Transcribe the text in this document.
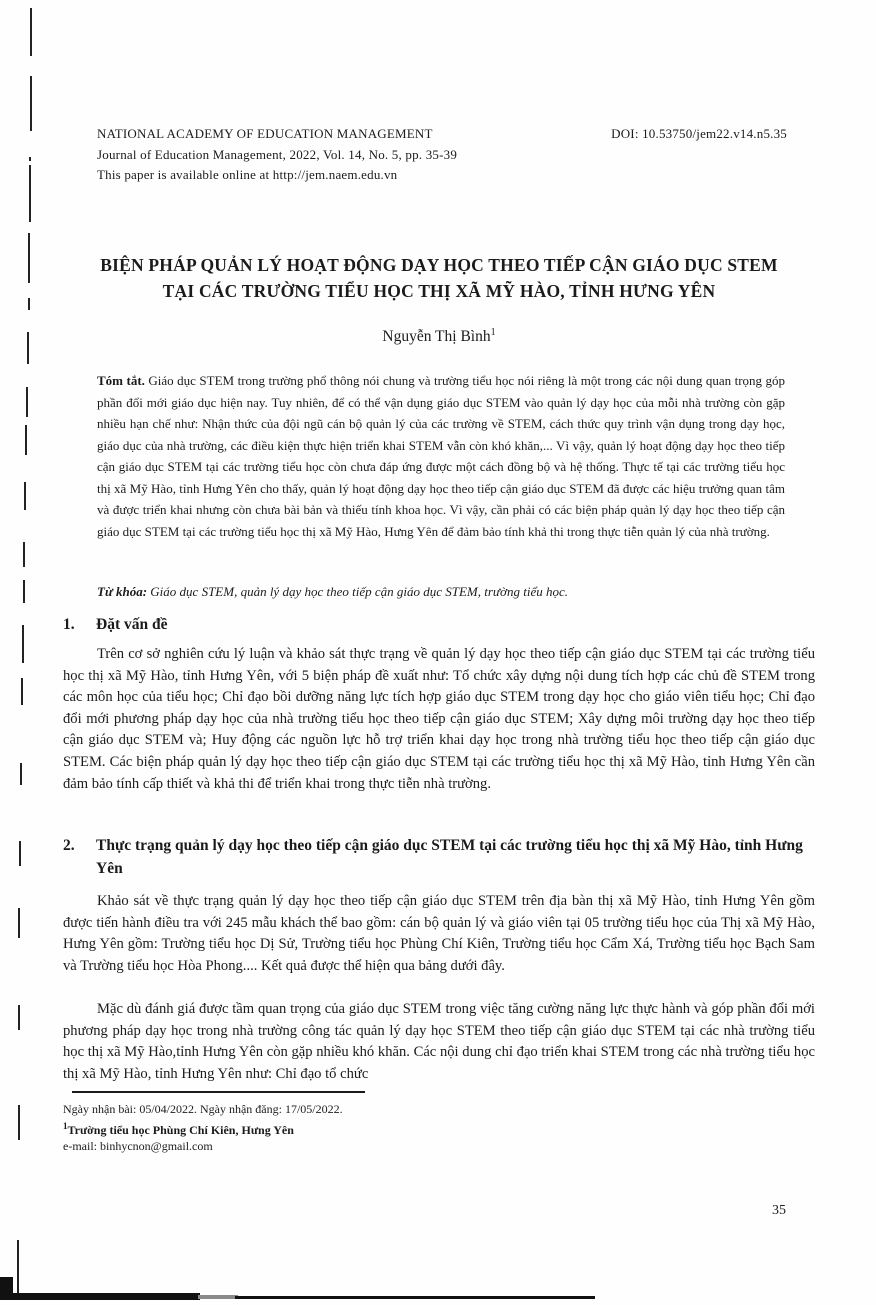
NATIONAL ACADEMY OF EDUCATION MANAGEMENT	DOI: 10.53750/jem22.v14.n5.35
Journal of Education Management, 2022, Vol. 14, No. 5, pp. 35-39
This paper is available online at http://jem.naem.edu.vn
BIỆN PHÁP QUẢN LÝ HOẠT ĐỘNG DẠY HỌC THEO TIẾP CẬN GIÁO DỤC STEM
TẠI CÁC TRƯỜNG TIỂU HỌC THỊ XÃ MỸ HÀO, TỈNH HƯNG YÊN
Nguyễn Thị Bình$^1$
Tóm tắt. Giáo dục STEM trong trường phổ thông nói chung và trường tiểu học nói riêng là một trong các nội dung quan trọng góp phần đổi mới giáo dục hiện nay. Tuy nhiên, để có thể vận dụng giáo dục STEM vào quản lý dạy học của mỗi nhà trường còn gặp nhiều hạn chế như: Nhận thức của đội ngũ cán bộ quản lý của các trường về STEM, cách thức quy trình vận dụng trong dạy học, giáo dục của nhà trường, các điều kiện thực hiện triển khai STEM vẫn còn khó khăn,... Vì vậy, quản lý hoạt động dạy học theo tiếp cận giáo dục STEM tại các trường tiểu học còn chưa đáp ứng được một cách đồng bộ và hệ thống. Thực tế tại các trường tiểu học thị xã Mỹ Hào, tỉnh Hưng Yên cho thấy, quản lý hoạt động dạy học theo tiếp cận giáo dục STEM đã được các hiệu trưởng quan tâm và được triển khai nhưng còn chưa bài bản và thiếu tính khoa học. Vì vậy, cần phải có các biện pháp quản lý dạy học theo tiếp cận giáo dục STEM tại các trường tiểu học thị xã Mỹ Hào, Hưng Yên để đảm bảo tính khả thi trong thực tiễn quản lý của nhà trường.
Từ khóa: Giáo dục STEM, quản lý dạy học theo tiếp cận giáo dục STEM, trường tiểu học.
1.	Đặt vấn đề

Trên cơ sở nghiên cứu lý luận và khảo sát thực trạng về quản lý dạy học theo tiếp cận giáo dục STEM tại các trường tiểu học thị xã Mỹ Hào, tỉnh Hưng Yên, với 5 biện pháp đề xuất như: Tổ chức xây dựng nội dung tích hợp các chủ đề STEM trong các môn học của tiểu học; Chỉ đạo bồi dưỡng năng lực tích hợp giáo dục STEM trong dạy học cho giáo viên tiểu học; Chỉ đạo đổi mới phương pháp dạy học của nhà trường tiểu học theo tiếp cận giáo dục STEM; Xây dựng môi trường dạy học theo tiếp cận giáo dục STEM và; Huy động các nguồn lực hỗ trợ triển khai dạy học trong nhà trường tiểu học theo tiếp cận giáo dục STEM. Các biện pháp quản lý dạy học theo tiếp cận giáo dục STEM tại các trường tiểu học thị xã Mỹ Hào, tỉnh Hưng Yên cần đảm bảo tính cấp thiết và khả thi để triển khai trong thực tiễn nhà trường.

2.	Thực trạng quản lý dạy học theo tiếp cận giáo dục STEM tại các trường tiểu học thị xã Mỹ Hào, tỉnh Hưng Yên

Khảo sát về thực trạng quản lý dạy học theo tiếp cận giáo dục STEM trên địa bàn thị xã Mỹ Hào, tỉnh Hưng Yên gồm được tiến hành điều tra với 245 mẫu khách thể bao gồm: cán bộ quản lý và giáo viên tại 05 trường tiểu học của Thị xã Mỹ Hào, Hưng Yên gồm: Trường tiểu học Dị Sử, Trường tiểu học Phùng Chí Kiên, Trường tiểu học Cẩm Xá, Trường tiểu học Bạch Sam và Trường tiểu học Hòa Phong.... Kết quả được thể hiện qua bảng dưới đây.

Mặc dù đánh giá được tầm quan trọng của giáo dục STEM trong việc tăng cường năng lực thực hành và góp phần đổi mới phương pháp dạy học trong nhà trường công tác quản lý dạy học STEM theo tiếp cận giáo dục STEM tại các nhà trường tiểu học thị xã Mỹ Hào,tỉnh Hưng Yên còn gặp nhiều khó khăn. Các nội dung chỉ đạo triển khai STEM trong các nhà trường tiểu học thị xã Mỹ Hào, tỉnh Hưng Yên như: Chỉ đạo tổ chức

Ngày nhận bài: 05/04/2022. Ngày nhận đăng: 17/05/2022.
$^1$Trường tiểu học Phùng Chí Kiên, Hưng Yên
e-mail: binhycnon@gmail.com
35
